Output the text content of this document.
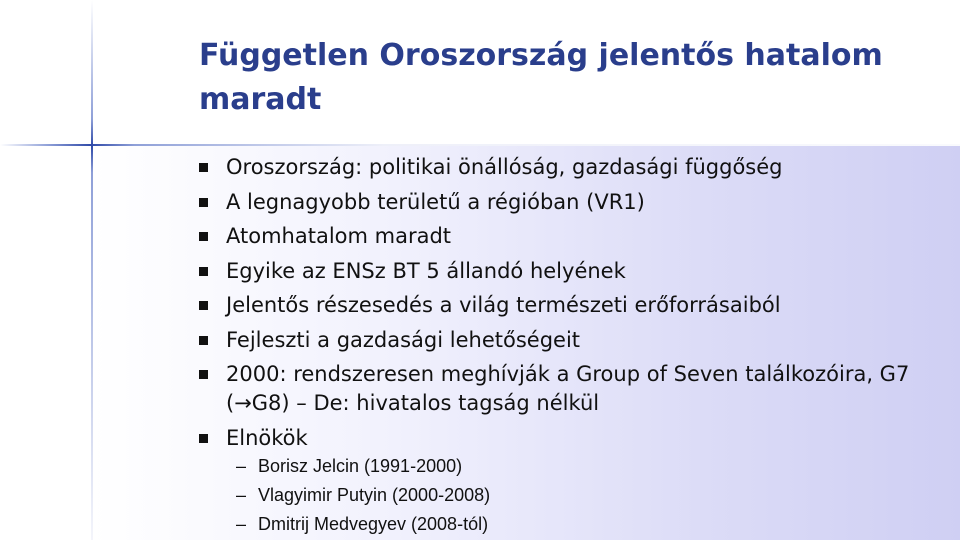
Független Oroszország jelentős hatalom maradt
Oroszország: politikai önállóság, gazdasági függőség
A legnagyobb területű a régióban (VR1)
Atomhatalom maradt
Egyike az ENSz BT 5 állandó helyének
Jelentős részesedés a világ természeti erőforrásaiból
Fejleszti a gazdasági lehetőségeit
2000: rendszeresen meghívják a Group of Seven találkozóira, G7 (→G8) – De: hivatalos tagság nélkül
Elnökök
– Borisz Jelcin (1991-2000)
– Vlagyimir Putyin (2000-2008)
– Dmitrij Medvegyev (2008-tól)
